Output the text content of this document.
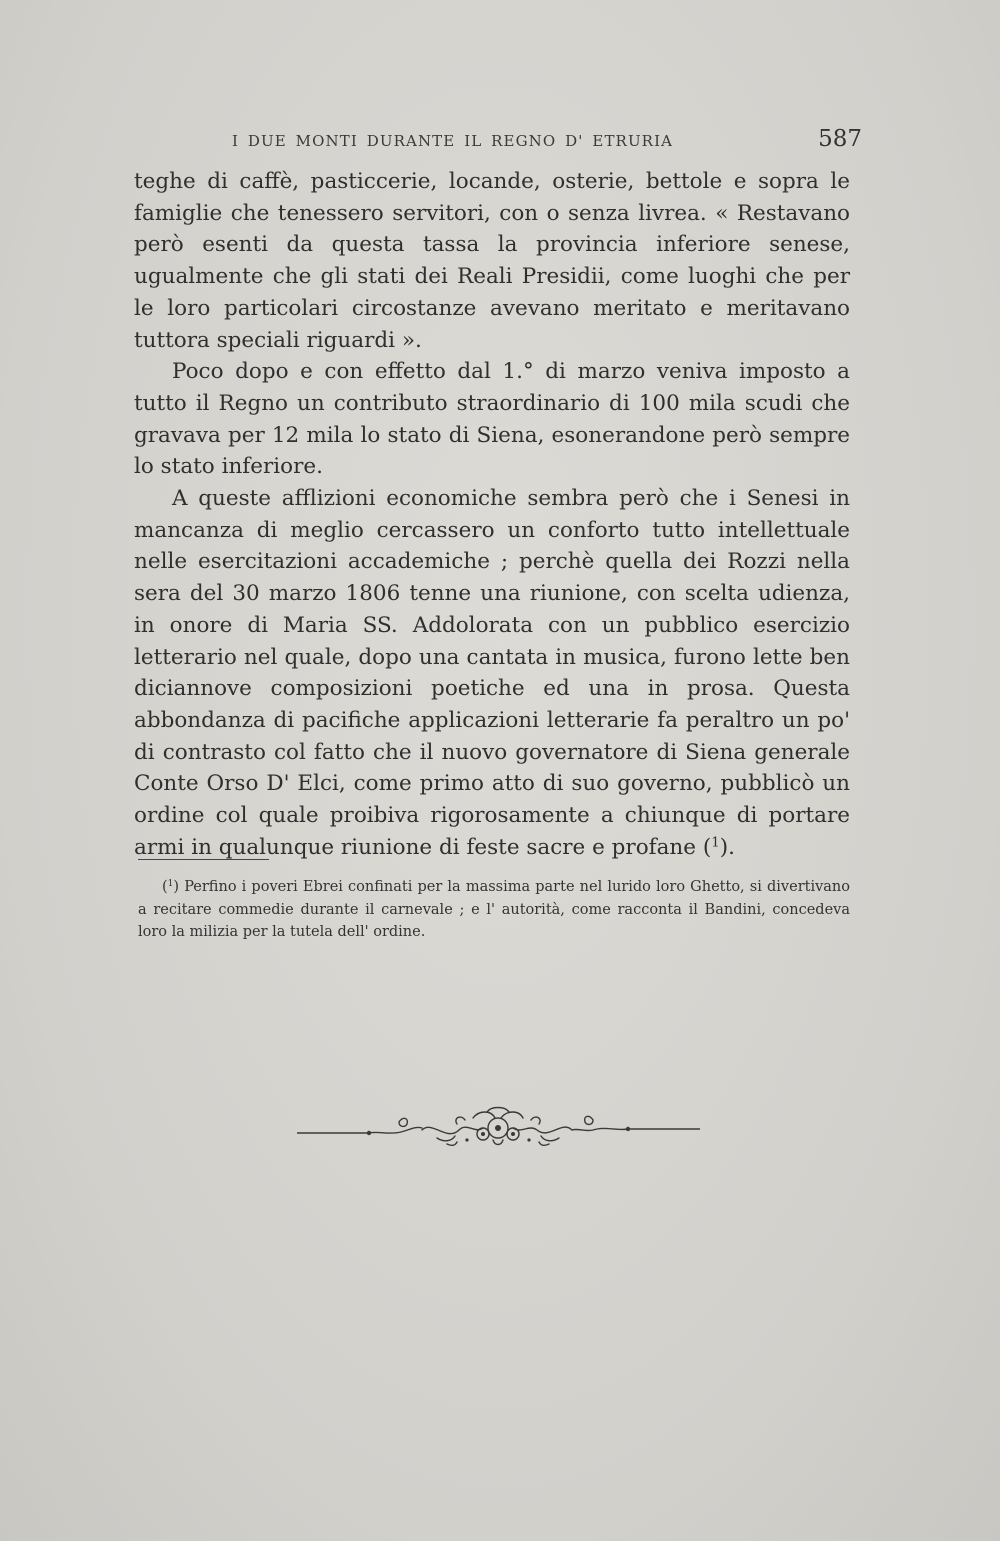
I DUE MONTI DURANTE IL REGNO D' ETRURIA	587

teghe di caffè, pasticcerie, locande, osterie, bettole e sopra le famiglie che tenessero servitori, con o senza livrea. « Restavano però esenti da questa tassa la provincia inferiore senese, ugualmente che gli stati dei Reali Presidii, come luoghi che per le loro particolari circostanze avevano meritato e meritavano tuttora speciali riguardi ».

Poco dopo e con effetto dal 1.° di marzo veniva imposto a tutto il Regno un contributo straordinario di 100 mila scudi che gravava per 12 mila lo stato di Siena, esonerandone però sempre lo stato inferiore.

A queste afflizioni economiche sembra però che i Senesi in mancanza di meglio cercassero un conforto tutto intellettuale nelle esercitazioni accademiche ; perchè quella dei Rozzi nella sera del 30 marzo 1806 tenne una riunione, con scelta udienza, in onore di Maria SS. Addolorata con un pubblico esercizio letterario nel quale, dopo una cantata in musica, furono lette ben diciannove composizioni poetiche ed una in prosa. Questa abbondanza di pacifiche applicazioni letterarie fa peraltro un po' di contrasto col fatto che il nuovo governatore di Siena generale Conte Orso D' Elci, come primo atto di suo governo, pubblicò un ordine col quale proibiva rigorosamente a chiunque di portare armi in qualunque riunione di feste sacre e profane ($^1$).

($^1$) Perfino i poveri Ebrei confinati per la massima parte nel lurido loro Ghetto, si divertivano a recitare commedie durante il carnevale ; e l' autorità, come racconta il Bandini, concedeva loro la milizia per la tutela dell' ordine.
